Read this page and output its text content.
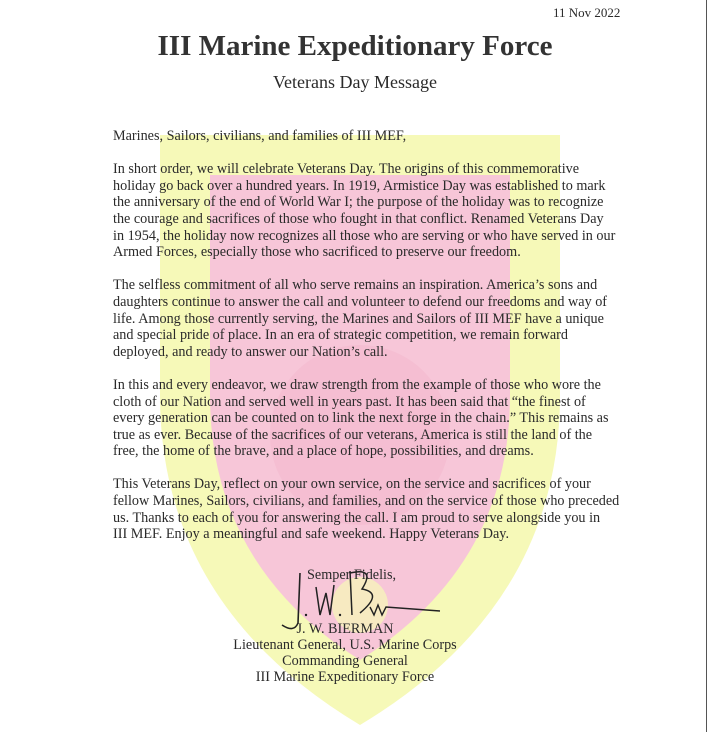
11 Nov 2022
III Marine Expeditionary Force
Veterans Day Message

Marines, Sailors, civilians, and families of III MEF,

In short order, we will celebrate Veterans Day. The origins of this commemorative
holiday go back over a hundred years. In 1919, Armistice Day was established to mark
the anniversary of the end of World War I; the purpose of the holiday was to recognize
the courage and sacrifices of those who fought in that conflict. Renamed Veterans Day
in 1954, the holiday now recognizes all those who are serving or who have served in our
Armed Forces, especially those who sacrificed to preserve our freedom.

The selfless commitment of all who serve remains an inspiration. America’s sons and
daughters continue to answer the call and volunteer to defend our freedoms and way of
life. Among those currently serving, the Marines and Sailors of III MEF have a unique
and special pride of place. In an era of strategic competition, we remain forward
deployed, and ready to answer our Nation’s call.

In this and every endeavor, we draw strength from the example of those who wore the
cloth of our Nation and served well in years past. It has been said that “the finest of
every generation can be counted on to link the next forge in the chain.” This remains as
true as ever. Because of the sacrifices of our veterans, America is still the land of the
free, the home of the brave, and a place of hope, possibilities, and dreams.

This Veterans Day, reflect on your own service, on the service and sacrifices of your
fellow Marines, Sailors, civilians, and families, and on the service of those who preceded
us. Thanks to each of you for answering the call. I am proud to serve alongside you in
III MEF. Enjoy a meaningful and safe weekend. Happy Veterans Day.

Semper Fidelis,
J. W. BIERMAN
Lieutenant General, U.S. Marine Corps
Commanding General
III Marine Expeditionary Force
